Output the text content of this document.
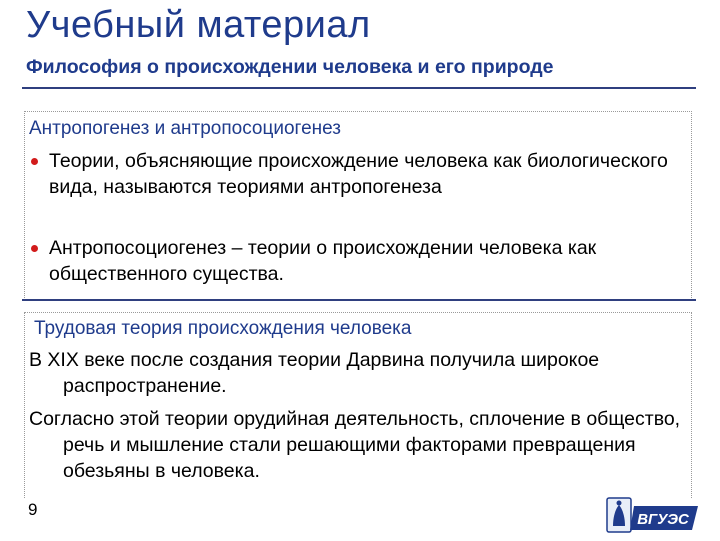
Учебный материал
Философия о происхождении человека и его природе
Антропогенез и антропосоциогенез
Теории, объясняющие происхождение человека как биологического вида, называются теориями антропогенеза
Антропосоциогенез – теории о происхождении человека как общественного существа.
Трудовая теория происхождения человека
В XIX веке после создания теории Дарвина получила широкое распространение.
Согласно этой теории орудийная деятельность, сплочение в общество, речь и мышление стали решающими факторами превращения обезьяны в человека.
9
ВГУЭС
